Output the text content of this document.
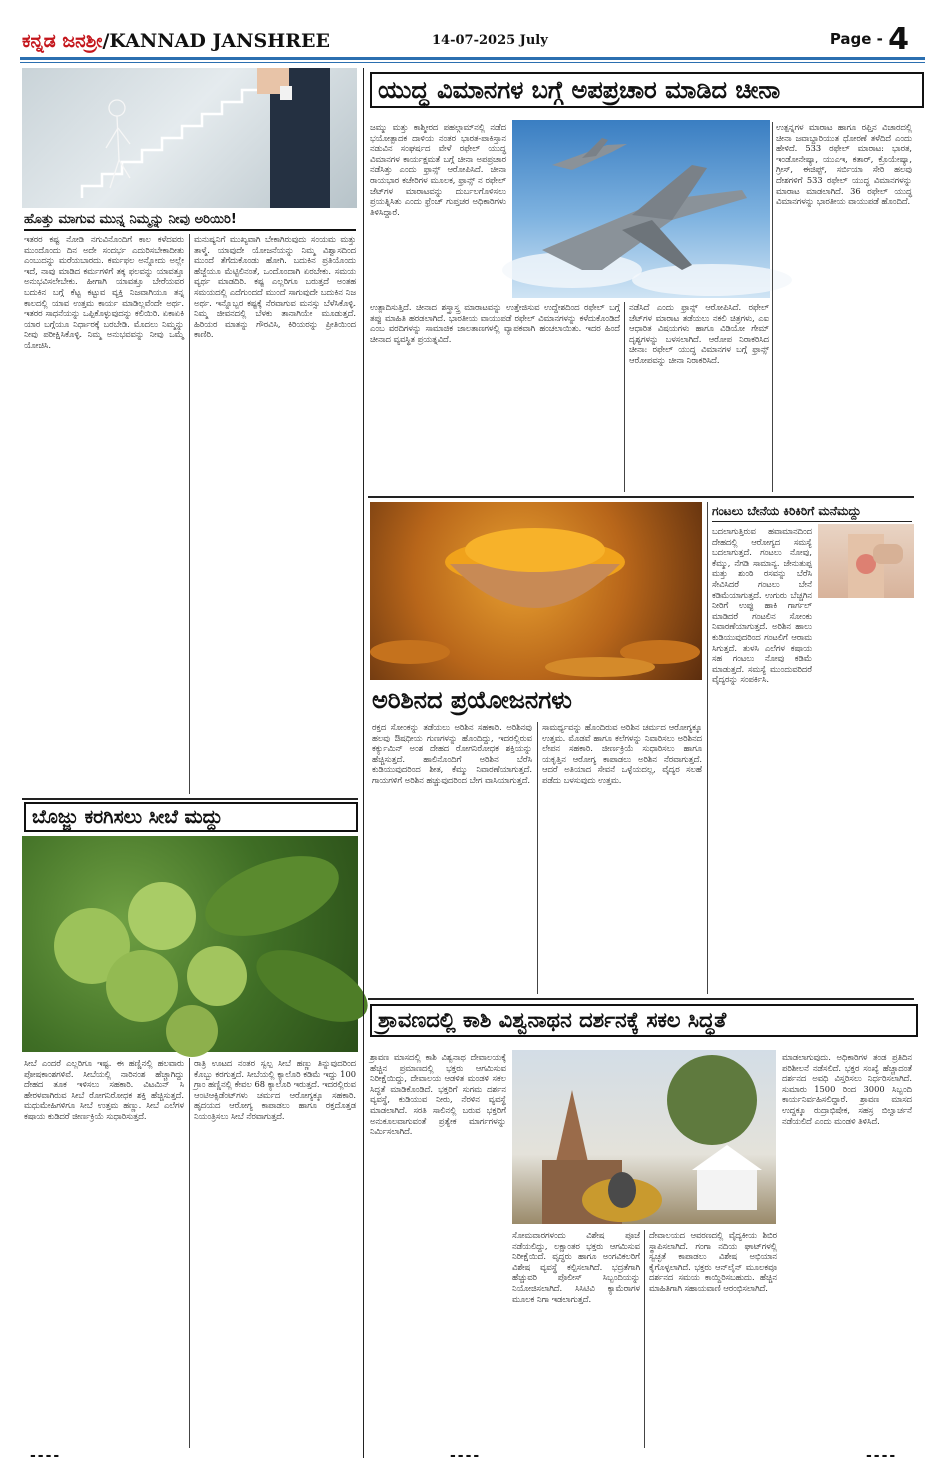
ಕನ್ನಡ ಜನಶ್ರೀ/KANNAD JANSHREE	14-07-2025 July	Page - 4
ಹೊತ್ತು ಮಾಗುವ ಮುನ್ನ ನಿಮ್ಮನ್ನು ನೀವು ಅರಿಯಿರಿ!
ಇತರರ ಕಷ್ಟ ನೋಡಿ ನಗುವಿನೊಂದಿಗೆ ಕಾಲ ಕಳೆದವರು ಮುಂದೊಂದು ದಿನ ಅದೇ ಸಂದರ್ಭ ಎದುರಿಸಬೇಕಾದೀತು ಎಂಬುದನ್ನು ಮರೆಯಬಾರದು. ಕರ್ಮಫಲ ಅನ್ನೋದು ಅಲ್ಲೇ ಇದೆ, ನಾವು ಮಾಡಿದ ಕರ್ಮಗಳಿಗೆ ತಕ್ಕ ಫಲವನ್ನು ಯಾವತ್ತೂ ಅನುಭವಿಸಲೇಬೇಕು. ಹೀಗಾಗಿ ಯಾವತ್ತೂ ಬೇರೆಯವರ ಬದುಕಿನ ಬಗ್ಗೆ ಕೆಟ್ಟ ಕಟ್ಟುವ ವ್ಯಕ್ತಿ ನಿಜವಾಗಿಯೂ ತನ್ನ ಕಾಲದಲ್ಲಿ ಯಾವ ಉತ್ತಮ ಕಾರ್ಯ ಮಾಡಿಲ್ಲವೆಂದೇ ಅರ್ಥ. ಇತರರ ಸಾಧನೆಯನ್ನು ಒಪ್ಪಿಕೊಳ್ಳುವುದನ್ನು ಕಲಿಯಿರಿ. ಏಕಾಏಕಿ ಯಾರ ಬಗ್ಗೆಯೂ ನಿರ್ಧಾರಕ್ಕೆ ಬರಬೇಡಿ. ಮೊದಲು ನಿಮ್ಮನ್ನು ನೀವು ಪರೀಕ್ಷಿಸಿಕೊಳ್ಳಿ. ನಿಮ್ಮ ಅನುಭವವನ್ನು ನೀವು ಒಮ್ಮೆ ಯೋಚಿಸಿ.
ಮನುಷ್ಯನಿಗೆ ಮುಖ್ಯವಾಗಿ ಬೇಕಾಗಿರುವುದು ಸಂಯಮ ಮತ್ತು ತಾಳ್ಮೆ. ಯಾವುದೇ ಯೋಜನೆಯನ್ನು ನಿಮ್ಮ ವಿಶ್ವಾಸದಿಂದ ಮುಂದೆ ತೆಗೆದುಕೊಂಡು ಹೋಗಿ. ಬದುಕಿನ ಪ್ರತಿಯೊಂದು ಹೆಜ್ಜೆಯೂ ಮೆಟ್ಟಿಲಿನಂತೆ, ಒಂದೊಂದಾಗಿ ಏರಬೇಕು. ಸಮಯ ವ್ಯರ್ಥ ಮಾಡದಿರಿ. ಕಷ್ಟ ಎಲ್ಲರಿಗೂ ಬರುತ್ತದೆ ಅಂತಹ ಸಮಯದಲ್ಲಿ ಎದೆಗುಂದದೆ ಮುಂದೆ ಸಾಗುವುದೇ ಬದುಕಿನ ನಿಜ ಅರ್ಥ. ಇನ್ನೊಬ್ಬರ ಕಷ್ಟಕ್ಕೆ ನೆರವಾಗುವ ಮನಸ್ಸು ಬೆಳೆಸಿಕೊಳ್ಳಿ. ನಿಮ್ಮ ಜೀವನದಲ್ಲಿ ಬೆಳಕು ತಾನಾಗಿಯೇ ಮೂಡುತ್ತದೆ. ಹಿರಿಯರ ಮಾತನ್ನು ಗೌರವಿಸಿ, ಕಿರಿಯರನ್ನು ಪ್ರೀತಿಯಿಂದ ಕಾಣಿರಿ.
ಬೊಜ್ಜು ಕರಗಿಸಲು ಸೀಬೆ ಮದ್ದು
ಸೀಬೆ ಎಂದರೆ ಎಲ್ಲರಿಗೂ ಇಷ್ಟ. ಈ ಹಣ್ಣಿನಲ್ಲಿ ಹಲವಾರು ಪೋಷಕಾಂಶಗಳಿವೆ. ಸೀಬೆಯಲ್ಲಿ ನಾರಿನಂಶ ಹೆಚ್ಚಾಗಿದ್ದು ದೇಹದ ತೂಕ ಇಳಿಸಲು ಸಹಕಾರಿ. ವಿಟಮಿನ್ ಸಿ ಹೇರಳವಾಗಿರುವ ಸೀಬೆ ರೋಗನಿರೋಧಕ ಶಕ್ತಿ ಹೆಚ್ಚಿಸುತ್ತದೆ. ಮಧುಮೇಹಿಗಳಿಗೂ ಸೀಬೆ ಉತ್ತಮ ಹಣ್ಣು. ಸೀಬೆ ಎಲೆಗಳ ಕಷಾಯ ಕುಡಿದರೆ ಜೀರ್ಣಕ್ರಿಯೆ ಸುಧಾರಿಸುತ್ತದೆ.
ರಾತ್ರಿ ಊಟದ ನಂತರ ಸ್ವಲ್ಪ ಸೀಬೆ ಹಣ್ಣು ತಿನ್ನುವುದರಿಂದ ಕೊಬ್ಬು ಕರಗುತ್ತದೆ. ಸೀಬೆಯಲ್ಲಿ ಕ್ಯಾಲೊರಿ ಕಡಿಮೆ ಇದ್ದು 100 ಗ್ರಾಂ ಹಣ್ಣಿನಲ್ಲಿ ಕೇವಲ 68 ಕ್ಯಾಲೊರಿ ಇರುತ್ತದೆ. ಇದರಲ್ಲಿರುವ ಆಂಟಿಆಕ್ಸಿಡೆಂಟ್‌ಗಳು ಚರ್ಮದ ಆರೋಗ್ಯಕ್ಕೂ ಸಹಕಾರಿ. ಹೃದಯದ ಆರೋಗ್ಯ ಕಾಪಾಡಲು ಹಾಗೂ ರಕ್ತದೊತ್ತಡ ನಿಯಂತ್ರಿಸಲು ಸೀಬೆ ನೆರವಾಗುತ್ತದೆ.
ಯುದ್ಧ ವಿಮಾನಗಳ ಬಗ್ಗೆ ಅಪಪ್ರಚಾರ ಮಾಡಿದ ಚೀನಾ
ಜಮ್ಮು ಮತ್ತು ಕಾಶ್ಮೀರದ ಪಹಲ್ಗಾಮ್‌ನಲ್ಲಿ ನಡೆದ ಭಯೋತ್ಪಾದಕ ದಾಳಿಯ ನಂತರ ಭಾರತ-ಪಾಕಿಸ್ತಾನ ನಡುವಿನ ಸಂಘರ್ಷದ ವೇಳೆ ರಫೇಲ್ ಯುದ್ಧ ವಿಮಾನಗಳ ಕಾರ್ಯಕ್ಷಮತೆ ಬಗ್ಗೆ ಚೀನಾ ಅಪಪ್ರಚಾರ ನಡೆಸಿತ್ತು ಎಂದು ಫ್ರಾನ್ಸ್ ಆರೋಪಿಸಿದೆ. ಚೀನಾ ರಾಯಭಾರ ಕಚೇರಿಗಳ ಮೂಲಕ, ಫ್ರಾನ್ಸ್ ನ ರಫೇಲ್ ಜೆಟ್‌ಗಳ ಮಾರಾಟವನ್ನು ದುರ್ಬಲಗೊಳಿಸಲು ಪ್ರಯತ್ನಿಸಿತು ಎಂದು ಫ್ರೆಂಚ್ ಗುಪ್ತಚರ ಅಧಿಕಾರಿಗಳು ತಿಳಿಸಿದ್ದಾರೆ.
ಉತ್ಪನ್ನಗಳ ಮಾರಾಟ ಹಾಗೂ ರಫ್ತಿನ ವಿಚಾರದಲ್ಲಿ ಚೀನಾ ಜವಾಬ್ದಾರಿಯುತ ಧೋರಣೆ ತಳೆದಿದೆ ಎಂದು ಹೇಳಿದೆ. 533 ರಫೇಲ್ ಮಾರಾಟ: ಭಾರತ, ಇಂಡೋನೇಷ್ಯಾ, ಯುಎಇ, ಕತಾರ್, ಕ್ರೊಯೇಷ್ಯಾ, ಗ್ರೀಸ್, ಈಜಿಪ್ಟ್, ಸರ್ಬಿಯಾ ಸೇರಿ ಹಲವು ದೇಶಗಳಿಗೆ 533 ರಫೇಲ್ ಯುದ್ಧ ವಿಮಾನಗಳನ್ನು ಮಾರಾಟ ಮಾಡಲಾಗಿದೆ. 36 ರಫೇಲ್ ಯುದ್ಧ ವಿಮಾನಗಳನ್ನು ಭಾರತೀಯ ವಾಯುಪಡೆ ಹೊಂದಿದೆ.
ಉತ್ಪಾದಿಸುತ್ತಿದೆ. ಚೀನಾದ ಶಸ್ತ್ರಾಸ್ತ್ರ ಮಾರಾಟವನ್ನು ಉತ್ತೇಜಿಸುವ ಉದ್ದೇಶದಿಂದ ರಫೇಲ್ ಬಗ್ಗೆ ತಪ್ಪು ಮಾಹಿತಿ ಹರಡಲಾಗಿದೆ. ಭಾರತೀಯ ವಾಯುಪಡೆ ರಫೇಲ್ ವಿಮಾನಗಳನ್ನು ಕಳೆದುಕೊಂಡಿದೆ ಎಂಬ ವರದಿಗಳನ್ನು ಸಾಮಾಜಿಕ ಜಾಲತಾಣಗಳಲ್ಲಿ ವ್ಯಾಪಕವಾಗಿ ಹಂಚಲಾಯಿತು. ಇದರ ಹಿಂದೆ ಚೀನಾದ ವ್ಯವಸ್ಥಿತ ಪ್ರಯತ್ನವಿದೆ.
ನಡೆಸಿದೆ ಎಂದು ಫ್ರಾನ್ಸ್ ಆರೋಪಿಸಿದೆ. ರಫೇಲ್ ಜೆಟ್‌ಗಳ ಮಾರಾಟ ತಡೆಯಲು ನಕಲಿ ಚಿತ್ರಗಳು, ಎಐ ಆಧಾರಿತ ವಿಷಯಗಳು ಹಾಗೂ ವಿಡಿಯೋ ಗೇಮ್ ದೃಶ್ಯಗಳನ್ನು ಬಳಸಲಾಗಿದೆ. ಆರೋಪ ನಿರಾಕರಿಸಿದ ಚೀನಾ: ರಫೇಲ್ ಯುದ್ಧ ವಿಮಾನಗಳ ಬಗ್ಗೆ ಫ್ರಾನ್ಸ್ ಆರೋಪವನ್ನು ಚೀನಾ ನಿರಾಕರಿಸಿದೆ.
ಅರಿಶಿನದ ಪ್ರಯೋಜನಗಳು
ರಕ್ತದ ಸೋಂಕನ್ನು ತಡೆಯಲು ಅರಿಶಿನ ಸಹಕಾರಿ. ಅರಿಶಿನವು ಹಲವು ಔಷಧೀಯ ಗುಣಗಳನ್ನು ಹೊಂದಿದ್ದು, ಇದರಲ್ಲಿರುವ ಕರ್ಕ್ಯುಮಿನ್ ಅಂಶ ದೇಹದ ರೋಗನಿರೋಧಕ ಶಕ್ತಿಯನ್ನು ಹೆಚ್ಚಿಸುತ್ತದೆ. ಹಾಲಿನೊಂದಿಗೆ ಅರಿಶಿನ ಬೆರೆಸಿ ಕುಡಿಯುವುದರಿಂದ ಶೀತ, ಕೆಮ್ಮು ನಿವಾರಣೆಯಾಗುತ್ತದೆ. ಗಾಯಗಳಿಗೆ ಅರಿಶಿನ ಹಚ್ಚುವುದರಿಂದ ಬೇಗ ವಾಸಿಯಾಗುತ್ತದೆ.
ಸಾಮರ್ಥ್ಯವನ್ನು ಹೊಂದಿರುವ ಅರಿಶಿನ ಚರ್ಮದ ಆರೋಗ್ಯಕ್ಕೂ ಉತ್ತಮ. ಮೊಡವೆ ಹಾಗೂ ಕಲೆಗಳನ್ನು ನಿವಾರಿಸಲು ಅರಿಶಿನದ ಲೇಪನ ಸಹಕಾರಿ. ಜೀರ್ಣಕ್ರಿಯೆ ಸುಧಾರಿಸಲು ಹಾಗೂ ಯಕೃತ್ತಿನ ಆರೋಗ್ಯ ಕಾಪಾಡಲು ಅರಿಶಿನ ನೆರವಾಗುತ್ತದೆ. ಆದರೆ ಅತಿಯಾದ ಸೇವನೆ ಒಳ್ಳೆಯದಲ್ಲ, ವೈದ್ಯರ ಸಲಹೆ ಪಡೆದು ಬಳಸುವುದು ಉತ್ತಮ.
ಗಂಟಲು ಬೇನೆಯ ಕಿರಿಕಿರಿಗೆ ಮನೆಮದ್ದು
ಬದಲಾಗುತ್ತಿರುವ ಹವಾಮಾನದಿಂದ ದೇಹದಲ್ಲಿ ಆರೋಗ್ಯದ ಸಮಸ್ಯೆ ಬದಲಾಗುತ್ತದೆ. ಗಂಟಲು ನೋವು, ಕೆಮ್ಮು, ನೆಗಡಿ ಸಾಮಾನ್ಯ. ಜೇನುತುಪ್ಪ ಮತ್ತು ಶುಂಠಿ ರಸವನ್ನು ಬೆರೆಸಿ ಸೇವಿಸಿದರೆ ಗಂಟಲು ಬೇನೆ ಕಡಿಮೆಯಾಗುತ್ತದೆ. ಉಗುರು ಬೆಚ್ಚಗಿನ ನೀರಿಗೆ ಉಪ್ಪು ಹಾಕಿ ಗಾರ್ಗಲ್ ಮಾಡಿದರೆ ಗಂಟಲಿನ ಸೋಂಕು ನಿವಾರಣೆಯಾಗುತ್ತದೆ. ಅರಿಶಿನ ಹಾಲು ಕುಡಿಯುವುದರಿಂದ ಗಂಟಲಿಗೆ ಆರಾಮ ಸಿಗುತ್ತದೆ. ತುಳಸಿ ಎಲೆಗಳ ಕಷಾಯ ಸಹ ಗಂಟಲು ನೋವು ಕಡಿಮೆ ಮಾಡುತ್ತದೆ. ಸಮಸ್ಯೆ ಮುಂದುವರಿದರೆ ವೈದ್ಯರನ್ನು ಸಂಪರ್ಕಿಸಿ.
ಶ್ರಾವಣದಲ್ಲಿ ಕಾಶಿ ವಿಶ್ವನಾಥನ ದರ್ಶನಕ್ಕೆ ಸಕಲ ಸಿದ್ಧತೆ
ಶ್ರಾವಣ ಮಾಸದಲ್ಲಿ ಕಾಶಿ ವಿಶ್ವನಾಥ ದೇವಾಲಯಕ್ಕೆ ಹೆಚ್ಚಿನ ಪ್ರಮಾಣದಲ್ಲಿ ಭಕ್ತರು ಆಗಮಿಸುವ ನಿರೀಕ್ಷೆಯಿದ್ದು, ದೇವಾಲಯ ಆಡಳಿತ ಮಂಡಳಿ ಸಕಲ ಸಿದ್ಧತೆ ಮಾಡಿಕೊಂಡಿದೆ. ಭಕ್ತರಿಗೆ ಸುಗಮ ದರ್ಶನ ವ್ಯವಸ್ಥೆ, ಕುಡಿಯುವ ನೀರು, ನೆರಳಿನ ವ್ಯವಸ್ಥೆ ಮಾಡಲಾಗಿದೆ. ಸರತಿ ಸಾಲಿನಲ್ಲಿ ಬರುವ ಭಕ್ತರಿಗೆ ಅನುಕೂಲವಾಗುವಂತೆ ಪ್ರತ್ಯೇಕ ಮಾರ್ಗಗಳನ್ನು ನಿರ್ಮಿಸಲಾಗಿದೆ.
ಮಾಡಲಾಗುವುದು. ಅಧಿಕಾರಿಗಳ ತಂಡ ಪ್ರತಿದಿನ ಪರಿಶೀಲನೆ ನಡೆಸಲಿದೆ. ಭಕ್ತರ ಸಂಖ್ಯೆ ಹೆಚ್ಚಾದಂತೆ ದರ್ಶನದ ಅವಧಿ ವಿಸ್ತರಿಸಲು ನಿರ್ಧರಿಸಲಾಗಿದೆ. ಸುಮಾರು 1500 ರಿಂದ 3000 ಸಿಬ್ಬಂದಿ ಕಾರ್ಯನಿರ್ವಹಿಸಲಿದ್ದಾರೆ. ಶ್ರಾವಣ ಮಾಸದ ಉದ್ದಕ್ಕೂ ರುದ್ರಾಭಿಷೇಕ, ಸಹಸ್ರ ಬಿಲ್ವಾರ್ಚನೆ ನಡೆಯಲಿದೆ ಎಂದು ಮಂಡಳಿ ತಿಳಿಸಿದೆ.
ಸೋಮವಾರಗಳಂದು ವಿಶೇಷ ಪೂಜೆ ನಡೆಯಲಿದ್ದು, ಲಕ್ಷಾಂತರ ಭಕ್ತರು ಆಗಮಿಸುವ ನಿರೀಕ್ಷೆಯಿದೆ. ವೃದ್ಧರು ಹಾಗೂ ಅಂಗವಿಕಲರಿಗೆ ವಿಶೇಷ ವ್ಯವಸ್ಥೆ ಕಲ್ಪಿಸಲಾಗಿದೆ. ಭದ್ರತೆಗಾಗಿ ಹೆಚ್ಚುವರಿ ಪೊಲೀಸ್ ಸಿಬ್ಬಂದಿಯನ್ನು ನಿಯೋಜಿಸಲಾಗಿದೆ. ಸಿಸಿಟಿವಿ ಕ್ಯಾಮೆರಾಗಳ ಮೂಲಕ ನಿಗಾ ಇಡಲಾಗುತ್ತದೆ.
ದೇವಾಲಯದ ಆವರಣದಲ್ಲಿ ವೈದ್ಯಕೀಯ ಶಿಬಿರ ಸ್ಥಾಪಿಸಲಾಗಿದೆ. ಗಂಗಾ ನದಿಯ ಘಾಟ್‌ಗಳಲ್ಲಿ ಸ್ವಚ್ಛತೆ ಕಾಪಾಡಲು ವಿಶೇಷ ಅಭಿಯಾನ ಕೈಗೊಳ್ಳಲಾಗಿದೆ. ಭಕ್ತರು ಆನ್‌ಲೈನ್ ಮೂಲಕವೂ ದರ್ಶನದ ಸಮಯ ಕಾಯ್ದಿರಿಸಬಹುದು. ಹೆಚ್ಚಿನ ಮಾಹಿತಿಗಾಗಿ ಸಹಾಯವಾಣಿ ಆರಂಭಿಸಲಾಗಿದೆ.
----	----	----
